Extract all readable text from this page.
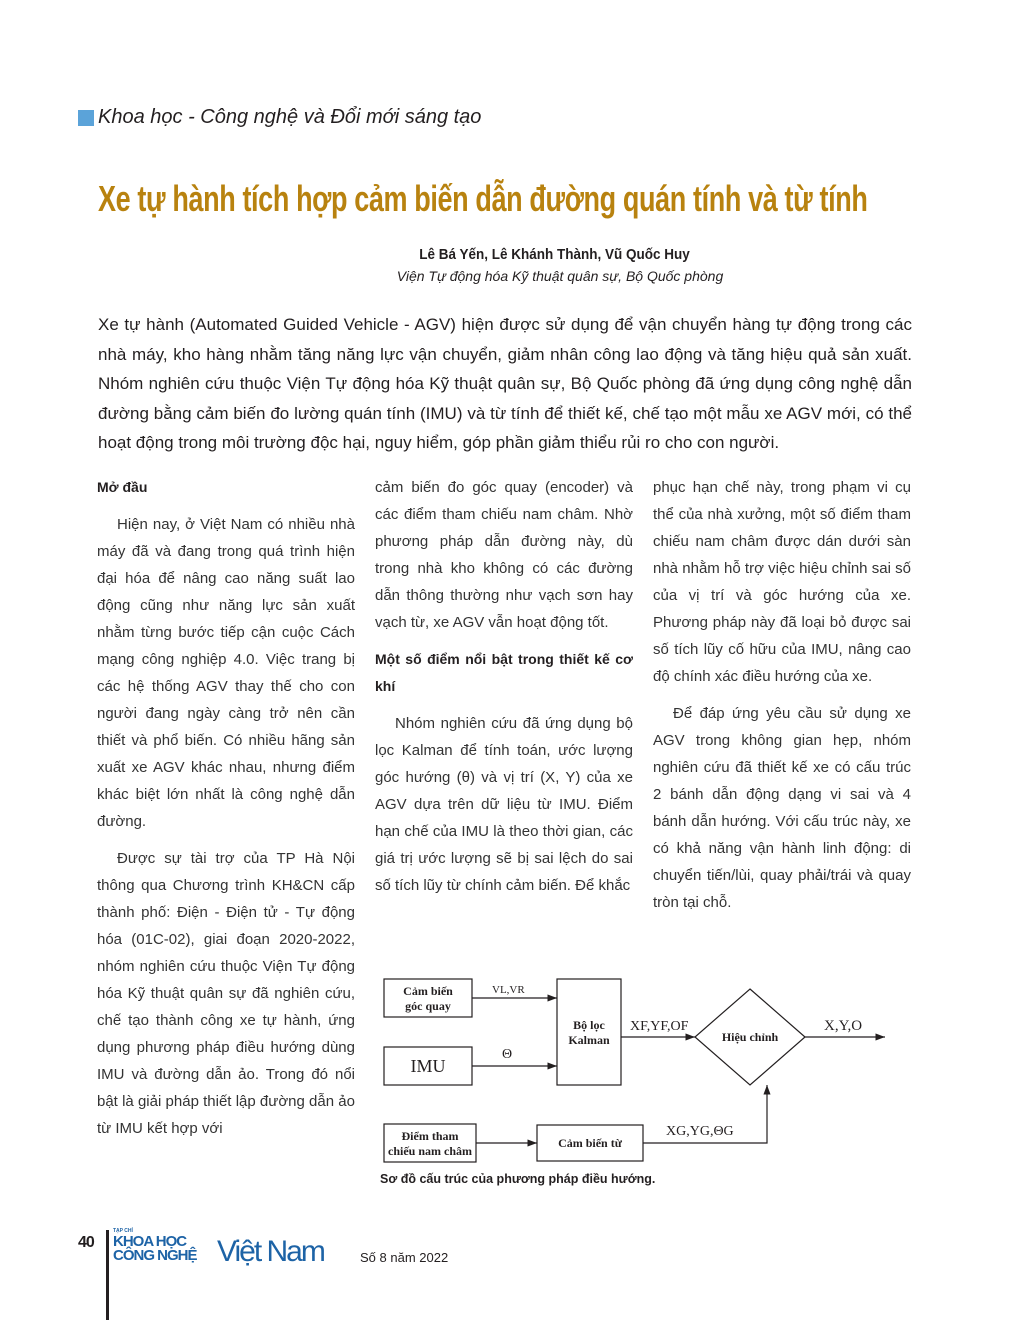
Khoa học - Công nghệ và Đổi mới sáng tạo
Xe tự hành tích hợp cảm biến dẫn đường quán tính và từ tính
Lê Bá Yến, Lê Khánh Thành, Vũ Quốc Huy
Viện Tự động hóa Kỹ thuật quân sự, Bộ Quốc phòng
Xe tự hành (Automated Guided Vehicle - AGV) hiện được sử dụng để vận chuyển hàng tự động trong các nhà máy, kho hàng nhằm tăng năng lực vận chuyển, giảm nhân công lao động và tăng hiệu quả sản xuất. Nhóm nghiên cứu thuộc Viện Tự động hóa Kỹ thuật quân sự, Bộ Quốc phòng đã ứng dụng công nghệ dẫn đường bằng cảm biến đo lường quán tính (IMU) và từ tính để thiết kế, chế tạo một mẫu xe AGV mới, có thể hoạt động trong môi trường độc hại, nguy hiểm, góp phần giảm thiểu rủi ro cho con người.
Mở đầu

Hiện nay, ở Việt Nam có nhiều nhà máy đã và đang trong quá trình hiện đại hóa để nâng cao năng suất lao động cũng như năng lực sản xuất nhằm từng bước tiếp cận cuộc Cách mạng công nghiệp 4.0. Việc trang bị các hệ thống AGV thay thế cho con người đang ngày càng trở nên cần thiết và phổ biến. Có nhiều hãng sản xuất xe AGV khác nhau, nhưng điểm khác biệt lớn nhất là công nghệ dẫn đường.

Được sự tài trợ của TP Hà Nội thông qua Chương trình KH&CN cấp thành phố: Điện - Điện tử - Tự động hóa (01C-02), giai đoạn 2020-2022, nhóm nghiên cứu thuộc Viện Tự động hóa Kỹ thuật quân sự đã nghiên cứu, chế tạo thành công xe tự hành, ứng dụng phương pháp điều hướng dùng IMU và đường dẫn ảo. Trong đó nổi bật là giải pháp thiết lập đường dẫn ảo từ IMU kết hợp với

cảm biến đo góc quay (encoder) và các điểm tham chiếu nam châm. Nhờ phương pháp dẫn đường này, dù trong nhà kho không có các đường dẫn thông thường như vạch sơn hay vạch từ, xe AGV vẫn hoạt động tốt.

Một số điểm nổi bật trong thiết kế cơ khí

Nhóm nghiên cứu đã ứng dụng bộ lọc Kalman để tính toán, ước lượng góc hướng (θ) và vị trí (X, Y) của xe AGV dựa trên dữ liệu từ IMU. Điểm hạn chế của IMU là theo thời gian, các giá trị ước lượng sẽ bị sai lệch do sai số tích lũy từ chính cảm biến. Để khắc

phục hạn chế này, trong phạm vi cụ thể của nhà xưởng, một số điểm tham chiếu nam châm được dán dưới sàn nhà nhằm hỗ trợ việc hiệu chỉnh sai số của vị trí và góc hướng của xe. Phương pháp này đã loại bỏ được sai số tích lũy cố hữu của IMU, nâng cao độ chính xác điều hướng của xe.

Để đáp ứng yêu cầu sử dụng xe AGV trong không gian hẹp, nhóm nghiên cứu đã thiết kế xe có cấu trúc 2 bánh dẫn động dạng vi sai và 4 bánh dẫn hướng. Với cấu trúc này, xe có khả năng vận hành linh động: di chuyển tiến/lùi, quay phải/trái và quay tròn tại chỗ.

Cảm biến
góc quay
Bộ lọc
Kalman	Hiệu chỉnh
Điểm tham
chiếu nam châm
Cảm biến từ
IMU
VL,VR
Θ
XF,YF,OF	X,Y,O
XG,YG,ΘG
Sơ đồ cấu trúc của phương pháp điều hướng.
40
TẠP CHÍ
KHOA HỌC
CÔNG NGHỆ Việt Nam	Số 8 năm 2022
